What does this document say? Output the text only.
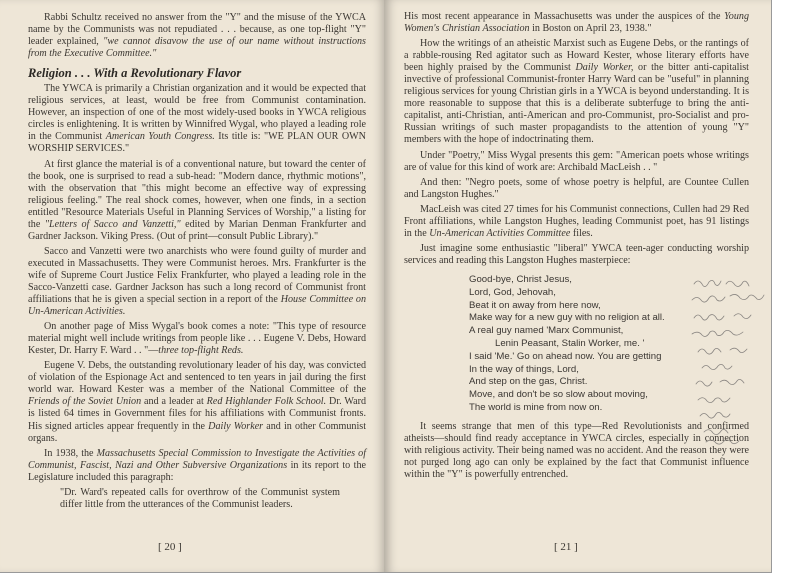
Rabbi Schultz received no answer from the "Y" and the misuse of the YWCA name by the Communists was not repudiated . . . because, as one top-flight "Y" leader explained, "we cannot disavow the use of our name without instructions from the Executive Committee."

Religion . . . With a Revolutionary Flavor

The YWCA is primarily a Christian organization and it would be expected that religious services, at least, would be free from Communist contamination. However, an inspection of one of the most widely-used books in YWCA religious circles is enlightening. It is written by Winnifred Wygal, who played a leading role in the Communist American Youth Congress. Its title is: "WE PLAN OUR OWN WORSHIP SERVICES."

At first glance the material is of a conventional nature, but toward the center of the book, one is surprised to read a sub-head: "Modern dance, rhythmic motions", with the observation that "this might become an effective way of expressing religious feeling." The real shock comes, however, when one finds, in a section entitled "Resource Materials Useful in Planning Services of Worship," a listing for the "Letters of Sacco and Vanzetti," edited by Marian Denman Frankfurter and Gardner Jackson. Viking Press. (Out of print—consult Public Library)."

Sacco and Vanzetti were two anarchists who were found guilty of murder and executed in Massachusetts. They were Communist heroes. Mrs. Frankfurter is the wife of Supreme Court Justice Felix Frankfurter, who played a leading role in the Sacco-Vanzetti case. Gardner Jackson has such a long record of Communist front affiliations that he is given a special section in a report of the House Committee on Un-American Activities.

On another page of Miss Wygal's book comes a note: "This type of resource material might well include writings from people like . . . Eugene V. Debs, Howard Kester, Dr. Harry F. Ward . . "—three top-flight Reds.

Eugene V. Debs, the outstanding revolutionary leader of his day, was convicted of violation of the Espionage Act and sentenced to ten years in jail during the first world war. Howard Kester was a member of the National Committee of the Friends of the Soviet Union and a leader at Red Highlander Folk School. Dr. Ward is listed 64 times in Government files for his affiliations with Communist fronts. His signed articles appear frequently in the Daily Worker and in other Communist organs.

In 1938, the Massachusetts Special Commission to Investigate the Activities of Communist, Fascist, Nazi and Other Subversive Organizations in its report to the Legislature included this paragraph:

"Dr. Ward's repeated calls for overthrow of the Communist system differ little from the utterances of the Communist leaders.
[ 20 ]

His most recent appearance in Massachusetts was under the auspices of the Young Women's Christian Association in Boston on April 23, 1938."

How the writings of an atheistic Marxist such as Eugene Debs, or the rantings of a rabble-rousing Red agitator such as Howard Kester, whose literary efforts have been highly praised by the Communist Daily Worker, or the bitter anti-capitalist invective of professional Communist-fronter Harry Ward can be "useful" in planning religious services for young Christian girls in a YWCA is beyond understanding. It is more reasonable to suppose that this is a deliberate subterfuge to bring the anti-capitalist, anti-Christian, anti-American and pro-Communist, pro-Socialist and pro-Russian writings of such master propagandists to the attention of young "Y" members with the hope of indoctrinating them.

Under "Poetry," Miss Wygal presents this gem: "American poets whose writings are of value for this kind of work are: Archibald MacLeish . . "

And then: "Negro poets, some of whose poetry is helpful, are Countee Cullen and Langston Hughes."

MacLeish was cited 27 times for his Communist connections, Cullen had 29 Red Front affiliations, while Langston Hughes, leading Communist poet, has 91 listings in the Un-American Activities Committee files.

Just imagine some enthusiastic "liberal" YWCA teen-ager conducting worship services and reading this Langston Hughes masterpiece:

Good-bye, Christ Jesus,
Lord, God, Jehovah,
Beat it on away from here now,
Make way for a new guy with no religion at all.
A real guy named 'Marx Communist,
Lenin Peasant, Stalin Worker, me. '
I said 'Me.' Go on ahead now. You are getting
In the way of things, Lord,
And step on the gas, Christ.
Move, and don't be so slow about moving,
The world is mine from now on.

It seems strange that men of this type—Red Revolutionists and confirmed atheists—should find ready acceptance in YWCA circles, especially in connection with religious activity. Their being named was no accident. And the reason they were not purged long ago can only be explained by the fact that Communist influence within the "Y" is powerfully entrenched.

[ 21 ]
